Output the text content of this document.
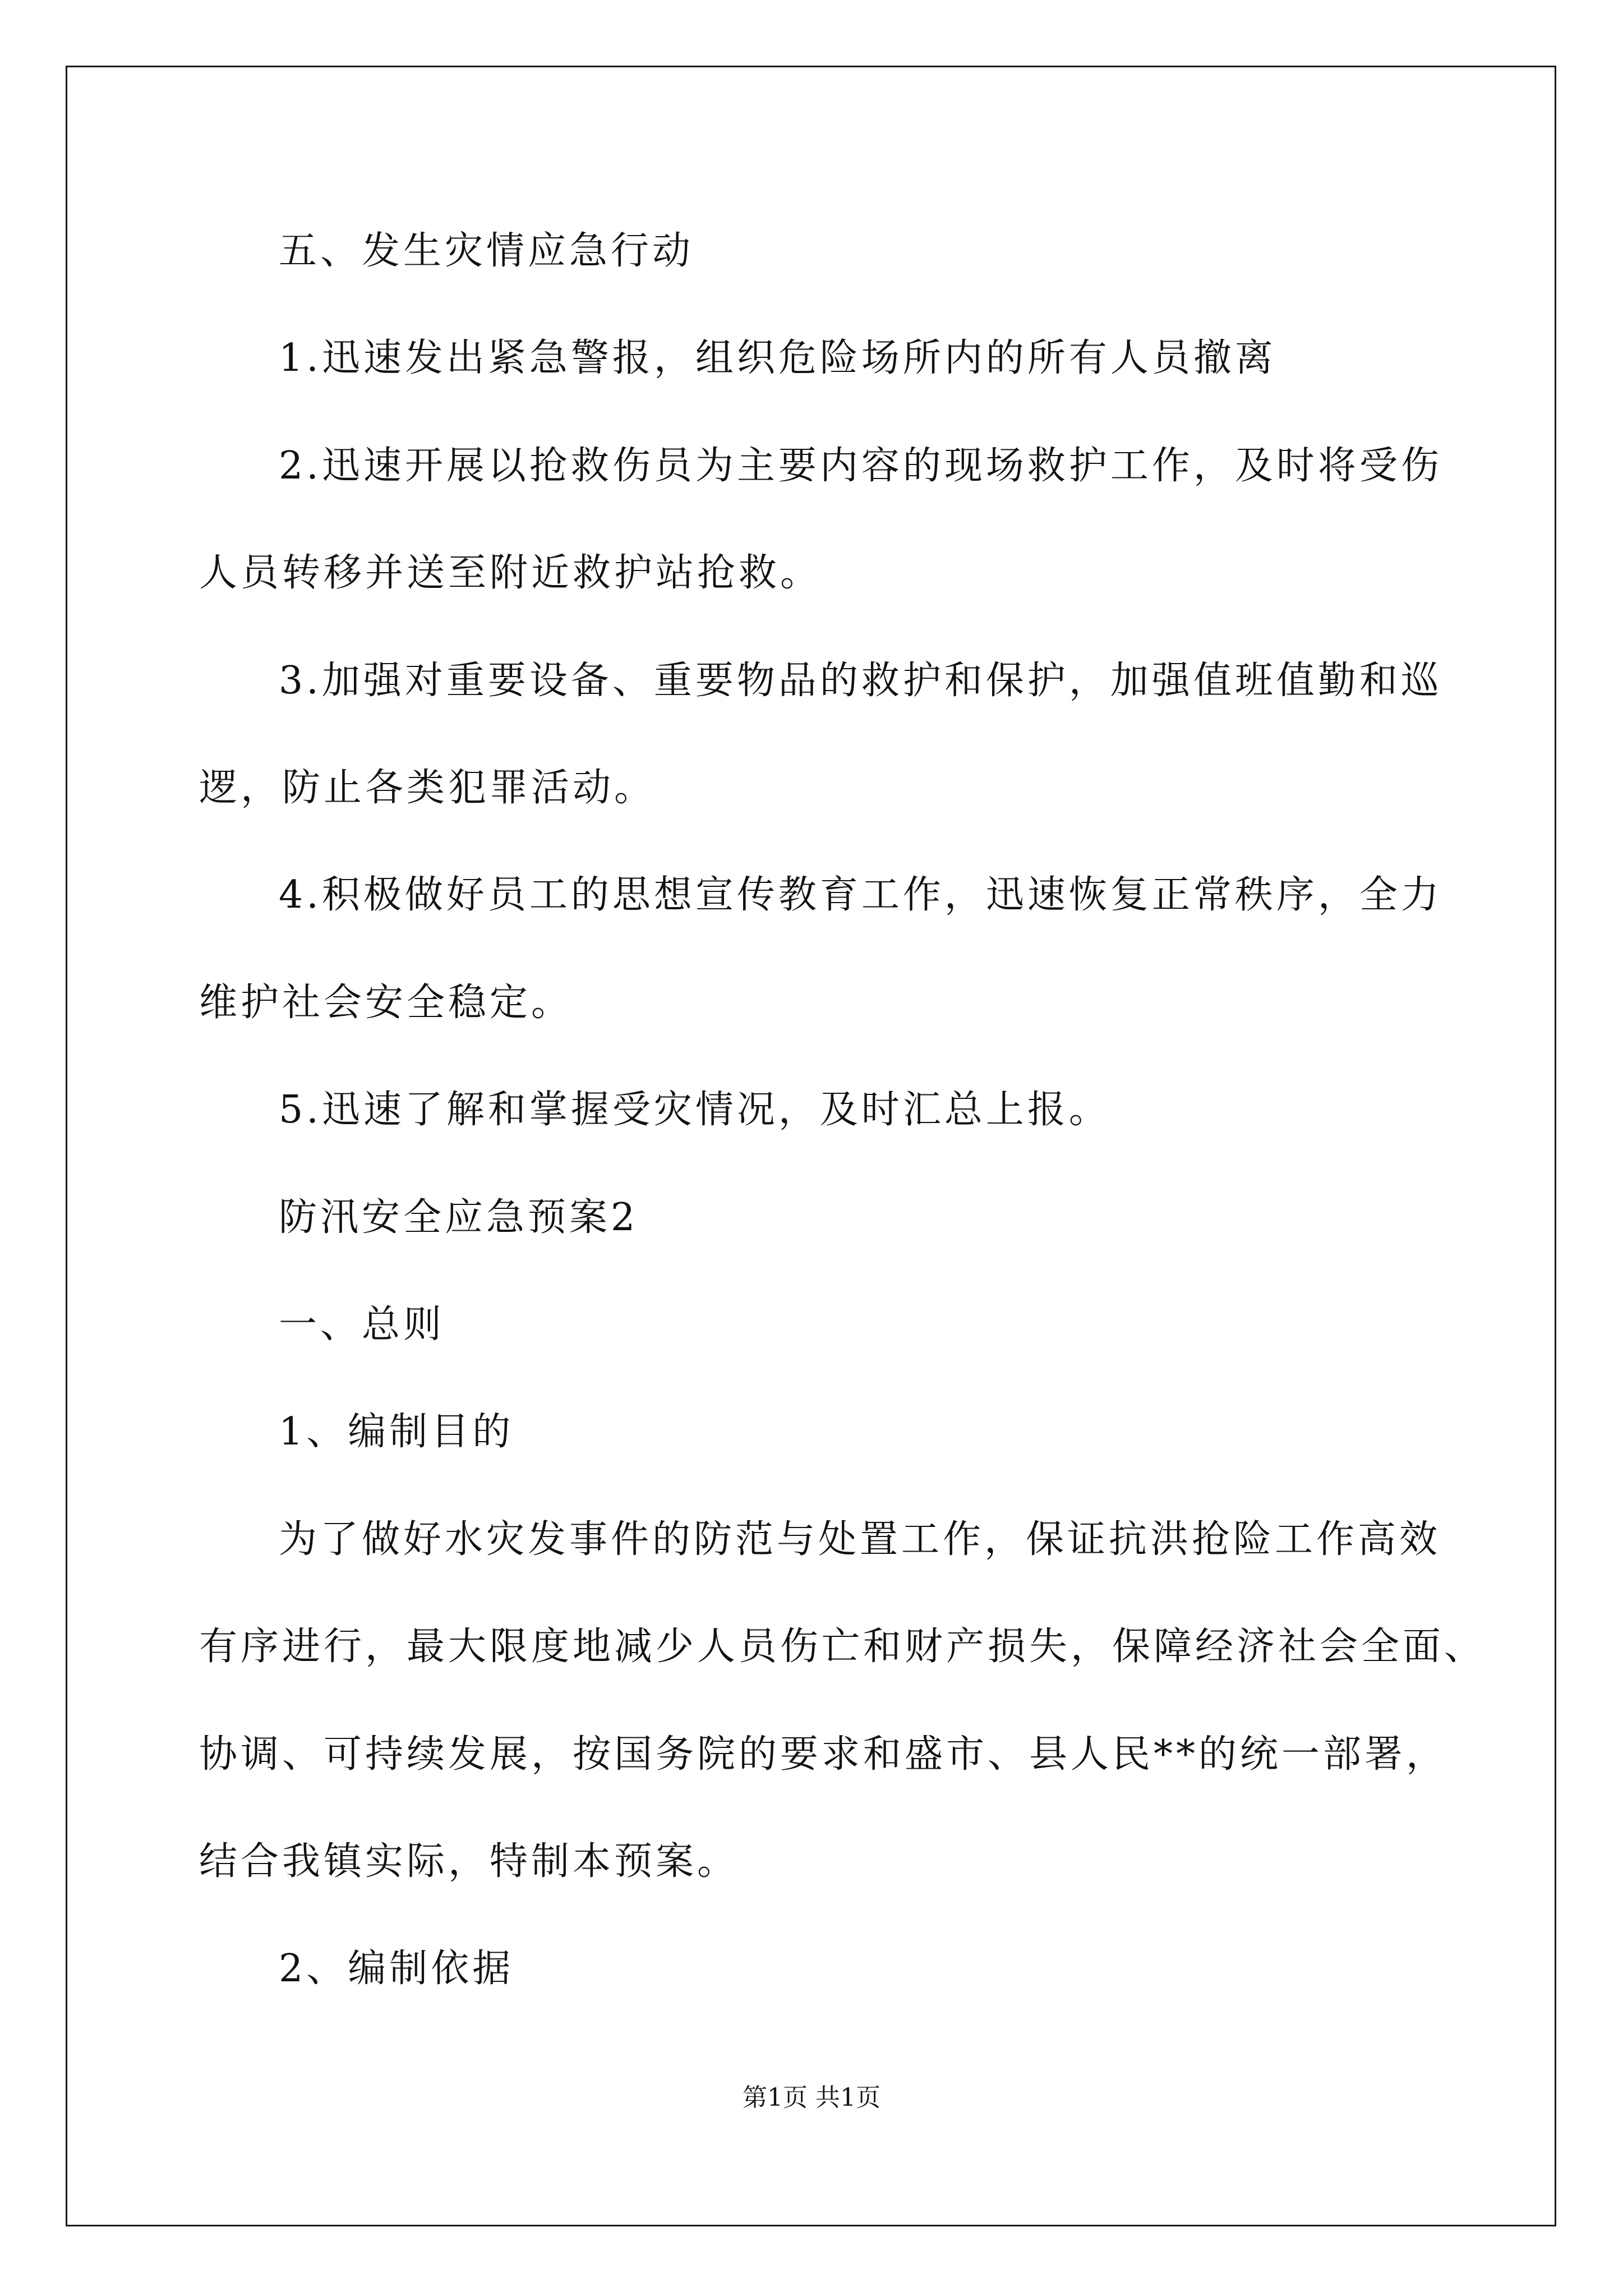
五、发生灾情应急行动
1.迅速发出紧急警报，组织危险场所内的所有人员撤离
2.迅速开展以抢救伤员为主要内容的现场救护工作，及时将受伤
人员转移并送至附近救护站抢救。
3.加强对重要设备、重要物品的救护和保护，加强值班值勤和巡
逻，防止各类犯罪活动。
4.积极做好员工的思想宣传教育工作，迅速恢复正常秩序，全力
维护社会安全稳定。
5.迅速了解和掌握受灾情况，及时汇总上报。
防汛安全应急预案2
一、总则
1、编制目的
为了做好水灾发事件的防范与处置工作，保证抗洪抢险工作高效
有序进行，最大限度地减少人员伤亡和财产损失，保障经济社会全面、
协调、可持续发展，按国务院的要求和盛市、县人民**的统一部署，
结合我镇实际，特制本预案。
2、编制依据
第1页 共1页
